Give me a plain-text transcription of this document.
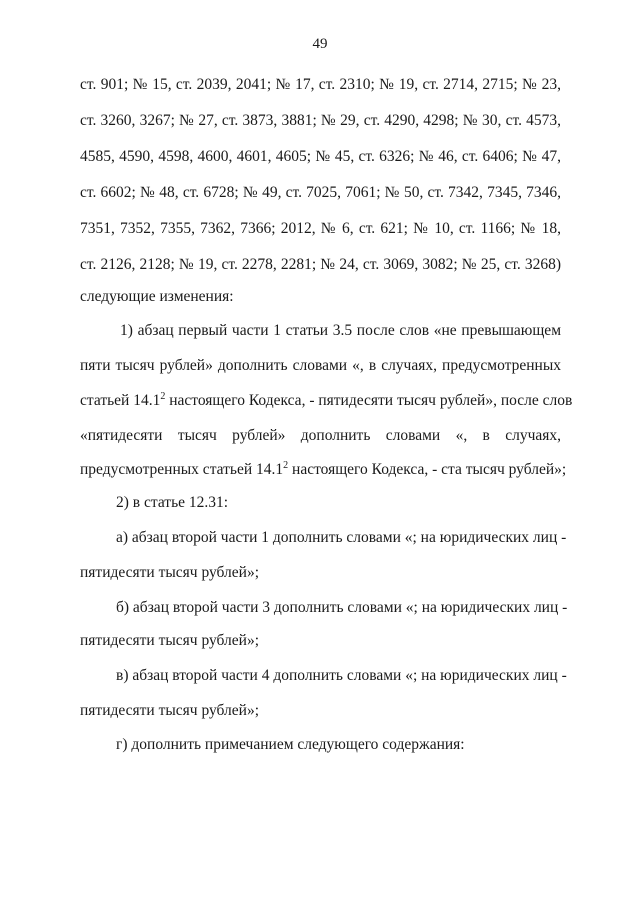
49
ст. 901; № 15, ст. 2039, 2041; № 17, ст. 2310; № 19, ст. 2714, 2715; № 23,
ст. 3260, 3267; № 27, ст. 3873, 3881; № 29, ст. 4290, 4298; № 30, ст. 4573,
4585, 4590, 4598, 4600, 4601, 4605; № 45, ст. 6326; № 46, ст. 6406; № 47,
ст. 6602; № 48, ст. 6728; № 49, ст. 7025, 7061; № 50, ст. 7342, 7345, 7346,
7351, 7352, 7355, 7362, 7366; 2012, № 6, ст. 621; № 10, ст. 1166; № 18,
ст. 2126, 2128; № 19, ст. 2278, 2281; № 24, ст. 3069, 3082; № 25, ст. 3268)
следующие изменения:
1) абзац первый части 1 статьи 3.5 после слов «не превышающем
пяти тысяч рублей» дополнить словами «, в случаях, предусмотренных
статьей 14.1$^2$ настоящего Кодекса, - пятидесяти тысяч рублей», после слов
«пятидесяти тысяч рублей» дополнить словами «, в случаях,
предусмотренных статьей 14.1$^2$ настоящего Кодекса, - ста тысяч рублей»;
2) в статье 12.31:
а) абзац второй части 1 дополнить словами «; на юридических лиц -
пятидесяти тысяч рублей»;
б) абзац второй части 3 дополнить словами «; на юридических лиц -
пятидесяти тысяч рублей»;
в) абзац второй части 4 дополнить словами «; на юридических лиц -
пятидесяти тысяч рублей»;
г) дополнить примечанием следующего содержания:
